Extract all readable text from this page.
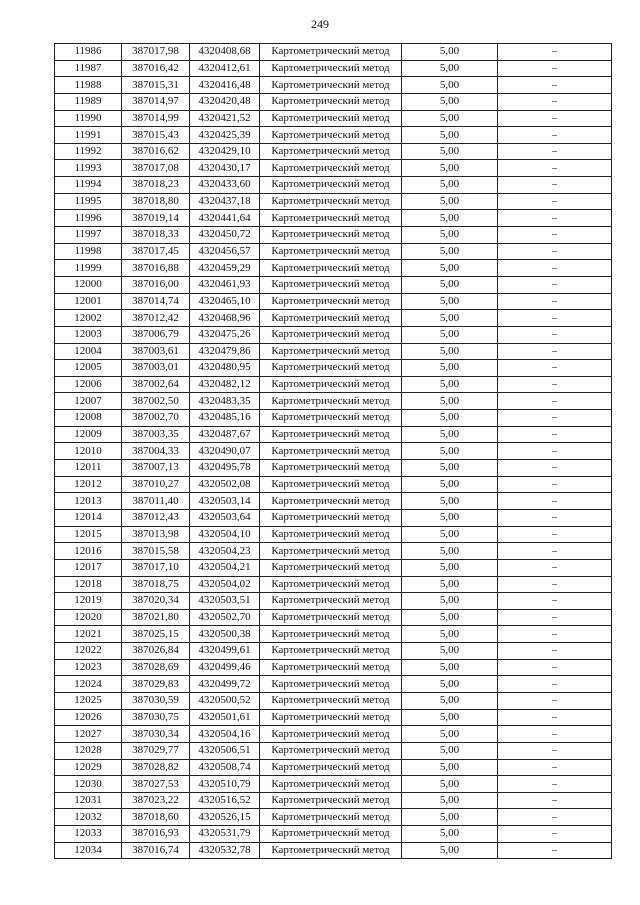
249
11986	387017,98	4320408,68	Картометрический метод	5,00	–
11987	387016,42	4320412,61	Картометрический метод	5,00	–
11988	387015,31	4320416,48	Картометрический метод	5,00	–
11989	387014,97	4320420,48	Картометрический метод	5,00	–
11990	387014,99	4320421,52	Картометрический метод	5,00	–
11991	387015,43	4320425,39	Картометрический метод	5,00	–
11992	387016,62	4320429,10	Картометрический метод	5,00	–
11993	387017,08	4320430,17	Картометрический метод	5,00	–
11994	387018,23	4320433,60	Картометрический метод	5,00	–
11995	387018,80	4320437,18	Картометрический метод	5,00	–
11996	387019,14	4320441,64	Картометрический метод	5,00	–
11997	387018,33	4320450,72	Картометрический метод	5,00	–
11998	387017,45	4320456,57	Картометрический метод	5,00	–
11999	387016,88	4320459,29	Картометрический метод	5,00	–
12000	387016,00	4320461,93	Картометрический метод	5,00	–
12001	387014,74	4320465,10	Картометрический метод	5,00	–
12002	387012,42	4320468,96	Картометрический метод	5,00	–
12003	387006,79	4320475,26	Картометрический метод	5,00	–
12004	387003,61	4320479,86	Картометрический метод	5,00	–
12005	387003,01	4320480,95	Картометрический метод	5,00	–
12006	387002,64	4320482,12	Картометрический метод	5,00	–
12007	387002,50	4320483,35	Картометрический метод	5,00	–
12008	387002,70	4320485,16	Картометрический метод	5,00	–
12009	387003,35	4320487,67	Картометрический метод	5,00	–
12010	387004,33	4320490,07	Картометрический метод	5,00	–
12011	387007,13	4320495,78	Картометрический метод	5,00	–
12012	387010,27	4320502,08	Картометрический метод	5,00	–
12013	387011,40	4320503,14	Картометрический метод	5,00	–
12014	387012,43	4320503,64	Картометрический метод	5,00	–
12015	387013,98	4320504,10	Картометрический метод	5,00	–
12016	387015,58	4320504,23	Картометрический метод	5,00	–
12017	387017,10	4320504,21	Картометрический метод	5,00	–
12018	387018,75	4320504,02	Картометрический метод	5,00	–
12019	387020,34	4320503,51	Картометрический метод	5,00	–
12020	387021,80	4320502,70	Картометрический метод	5,00	–
12021	387025,15	4320500,38	Картометрический метод	5,00	–
12022	387026,84	4320499,61	Картометрический метод	5,00	–
12023	387028,69	4320499,46	Картометрический метод	5,00	–
12024	387029,83	4320499,72	Картометрический метод	5,00	–
12025	387030,59	4320500,52	Картометрический метод	5,00	–
12026	387030,75	4320501,61	Картометрический метод	5,00	–
12027	387030,34	4320504,16	Картометрический метод	5,00	–
12028	387029,77	4320506,51	Картометрический метод	5,00	–
12029	387028,82	4320508,74	Картометрический метод	5,00	–
12030	387027,53	4320510,79	Картометрический метод	5,00	–
12031	387023,22	4320516,52	Картометрический метод	5,00	–
12032	387018,60	4320526,15	Картометрический метод	5,00	–
12033	387016,93	4320531,79	Картометрический метод	5,00	–
12034	387016,74	4320532,78	Картометрический метод	5,00	–
